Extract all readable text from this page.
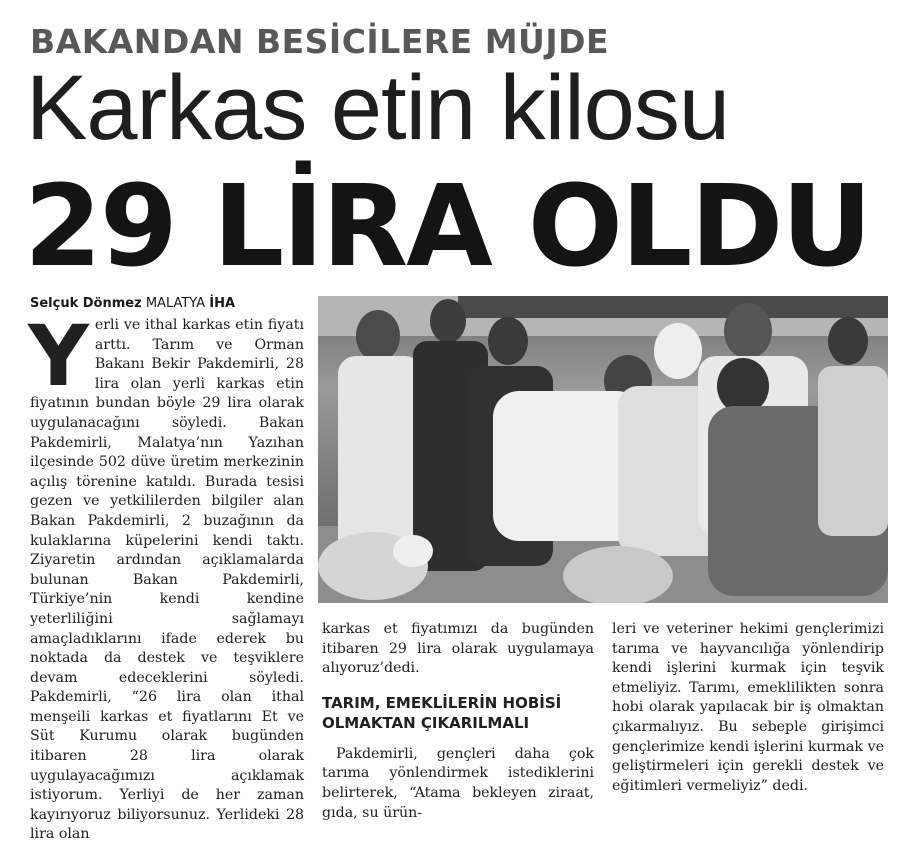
BAKANDAN BESİCİLERE MÜJDE
Karkas etin kilosu
29 LİRA OLDU
Selçuk Dönmez MALATYA İHA
Yerli ve ithal karkas etin fiyatı arttı. Tarım ve Orman Bakanı Bekir Pakdemirli, 28 lira olan yerli karkas etin fiyatının bundan böyle 29 lira olarak uygulanacağını söyledi. Bakan Pakdemirli, Malatya’nın Yazıhan ilçesinde 502 düve üretim merkezinin açılış törenine katıldı. Burada tesisi gezen ve yetkililerden bilgiler alan Bakan Pakdemirli, 2 buzağının da kulaklarına küpelerini kendi taktı. Ziyaretin ardından açıklamalarda bulunan Bakan Pakdemirli, Türkiye’nin kendi kendine yeterliliğini sağlamayı amaçladıklarını ifade ederek bu noktada da destek ve teşviklere devam edeceklerini söyledi. Pakdemirli, “26 lira olan ithal menşeili karkas et fiyatlarını Et ve Süt Kurumu olarak bugünden itibaren 28 lira olarak uygulayacağımızı açıklamak istiyorum. Yerliyi de her zaman kayırıyoruz biliyorsunuz. Yerlideki 28 lira olan
karkas et fiyatımızı da bugünden itibaren 29 lira olarak uygulamaya alıyoruz’dedi.
TARIM, EMEKLİLERİN HOBİSİ OLMAKTAN ÇIKARILMALI
Pakdemirli, gençleri daha çok tarıma yönlendirmek istediklerini belirterek, “Atama bekleyen ziraat, gıda, su ürün-
leri ve veteriner hekimi gençlerimizi tarıma ve hayvancılığa yönlendirip kendi işlerini kurmak için teşvik etmeliyiz. Tarımı, emeklilikten sonra hobi olarak yapılacak bir iş olmaktan çıkarmalıyız. Bu sebeple girişimci gençlerimize kendi işlerini kurmak ve geliştirmeleri için gerekli destek ve eğitimleri vermeliyiz” dedi.
